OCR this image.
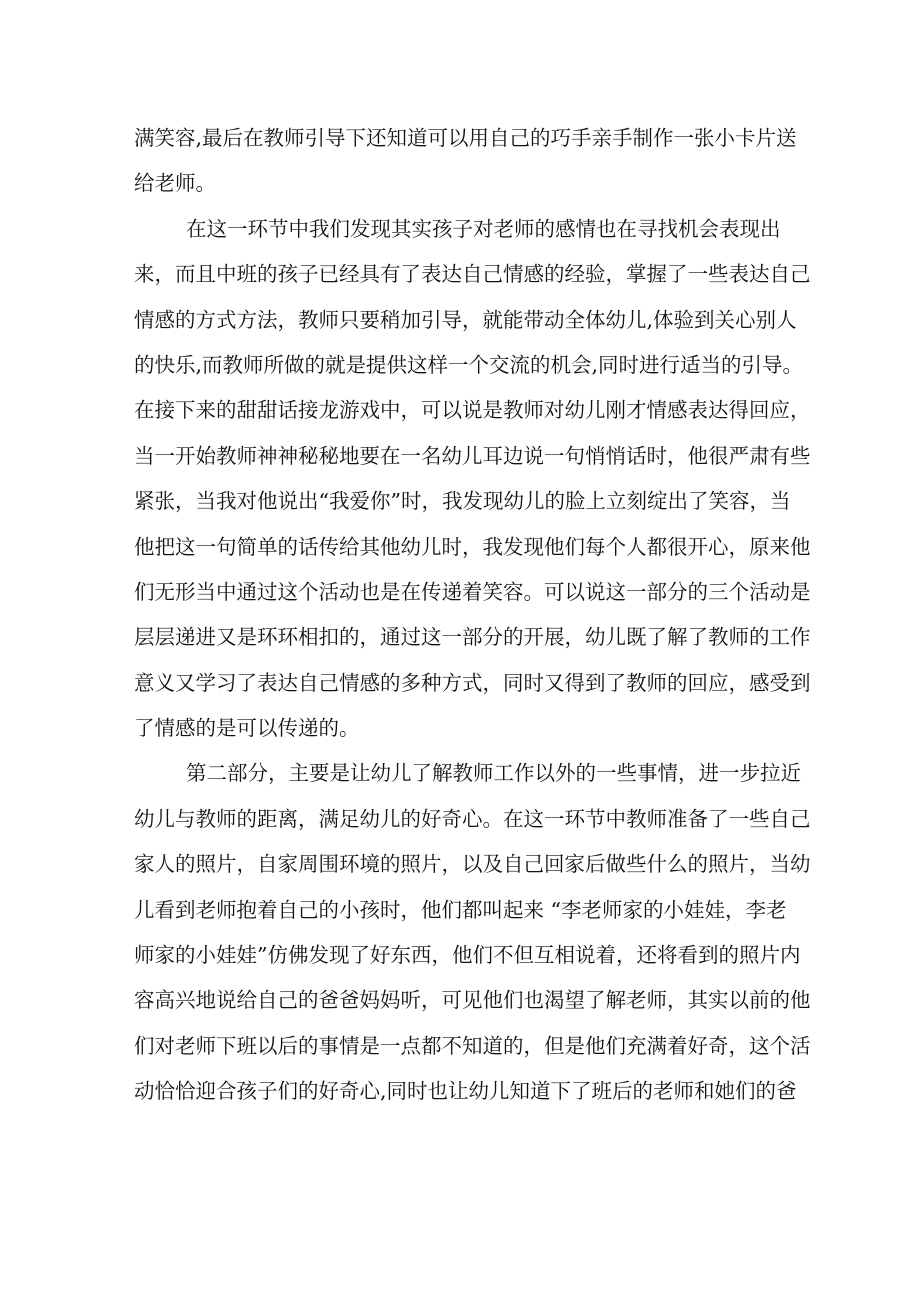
满笑容,最后在教师引导下还知道可以用自己的巧手亲手制作一张小卡片送
给老师。
在这一环节中我们发现其实孩子对老师的感情也在寻找机会表现出
来，而且中班的孩子已经具有了表达自己情感的经验，掌握了一些表达自己
情感的方式方法，教师只要稍加引导，就能带动全体幼儿,体验到关心别人
的快乐,而教师所做的就是提供这样一个交流的机会,同时进行适当的引导。
在接下来的甜甜话接龙游戏中，可以说是教师对幼儿刚才情感表达得回应，
当一开始教师神神秘秘地要在一名幼儿耳边说一句悄悄话时，他很严肃有些
紧张，当我对他说出“我爱你”时，我发现幼儿的脸上立刻绽出了笑容，当
他把这一句简单的话传给其他幼儿时，我发现他们每个人都很开心，原来他
们无形当中通过这个活动也是在传递着笑容。可以说这一部分的三个活动是
层层递进又是环环相扣的，通过这一部分的开展，幼儿既了解了教师的工作
意义又学习了表达自己情感的多种方式，同时又得到了教师的回应，感受到
了情感的是可以传递的。
第二部分，主要是让幼儿了解教师工作以外的一些事情，进一步拉近
幼儿与教师的距离，满足幼儿的好奇心。在这一环节中教师准备了一些自己
家人的照片，自家周围环境的照片，以及自己回家后做些什么的照片，当幼
儿看到老师抱着自己的小孩时，他们都叫起来 “李老师家的小娃娃，李老
师家的小娃娃”仿佛发现了好东西，他们不但互相说着，还将看到的照片内
容高兴地说给自己的爸爸妈妈听，可见他们也渴望了解老师，其实以前的他
们对老师下班以后的事情是一点都不知道的，但是他们充满着好奇，这个活
动恰恰迎合孩子们的好奇心,同时也让幼儿知道下了班后的老师和她们的爸
